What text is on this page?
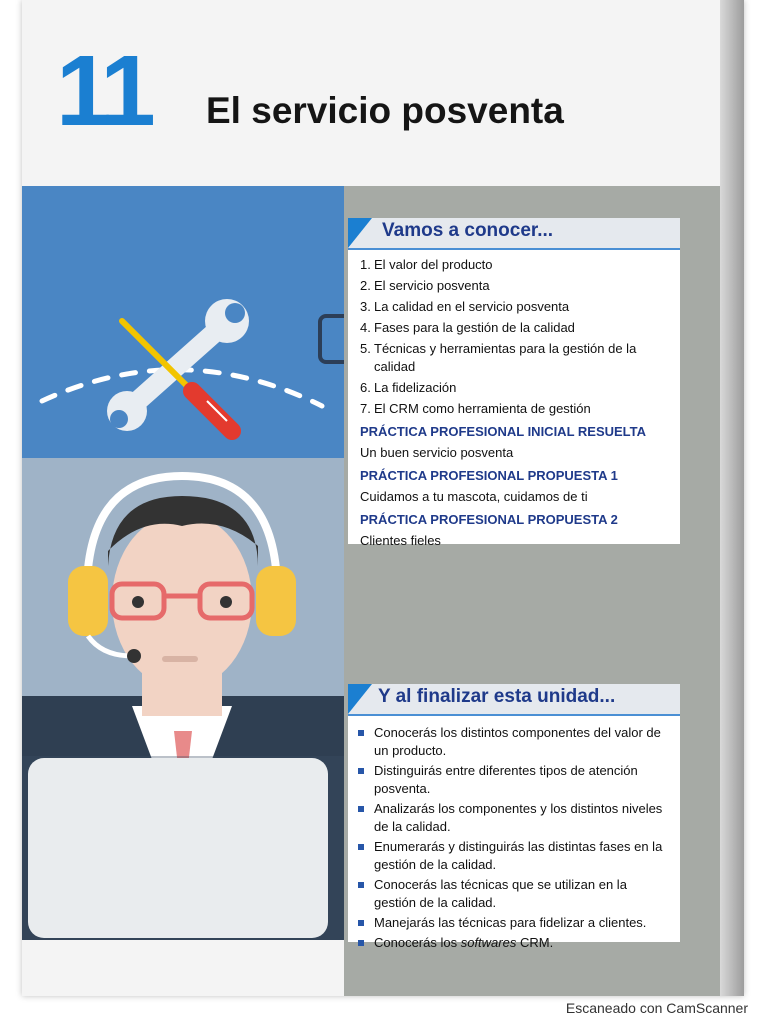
11 El servicio posventa
Vamos a conocer...
1. El valor del producto
2. El servicio posventa
3. La calidad en el servicio posventa
4. Fases para la gestión de la calidad
5. Técnicas y herramientas para la gestión de la calidad
6. La fidelización
7. El CRM como herramienta de gestión
PRÁCTICA PROFESIONAL INICIAL RESUELTA
Un buen servicio posventa
PRÁCTICA PROFESIONAL PROPUESTA 1
Cuidamos a tu mascota, cuidamos de ti
PRÁCTICA PROFESIONAL PROPUESTA 2
Clientes fieles
Y al finalizar esta unidad...
Conocerás los distintos componentes del valor de un producto.
Distinguirás entre diferentes tipos de atención posventa.
Analizarás los componentes y los distintos niveles de la calidad.
Enumerarás y distinguirás las distintas fases en la gestión de la calidad.
Conocerás las técnicas que se utilizan en la gestión de la calidad.
Manejarás las técnicas para fidelizar a clientes.
Conocerás los softwares CRM.
Escaneado con CamScanner
